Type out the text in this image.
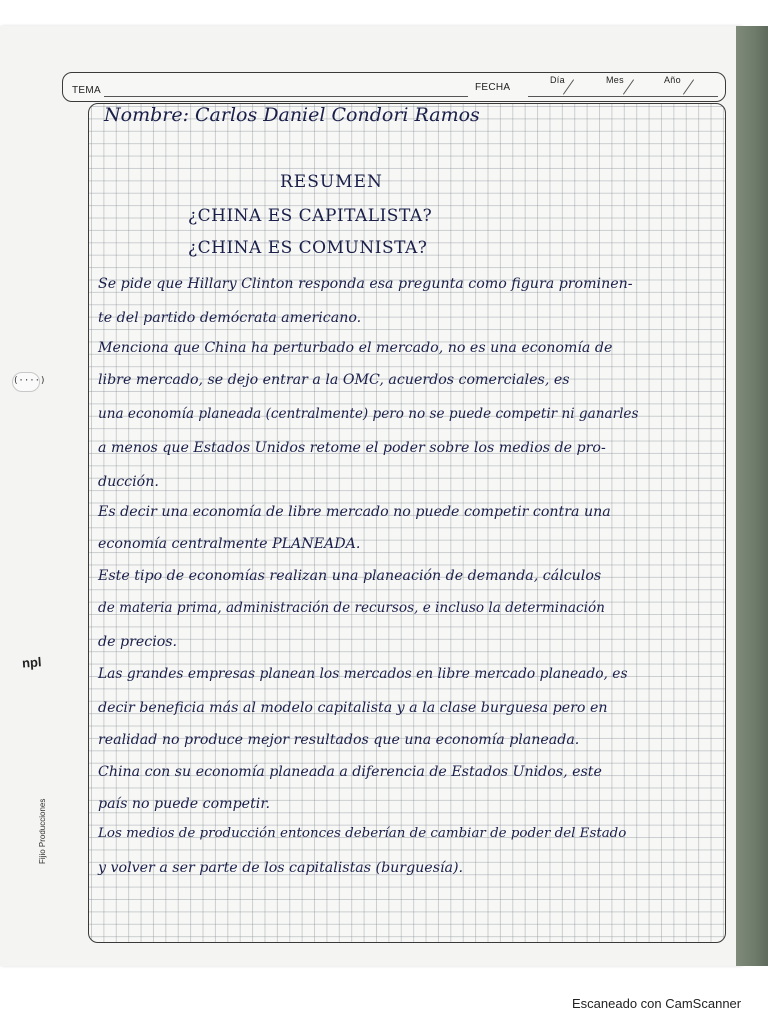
(····)
npl
Fijio Producciones
TEMA	FECHA
Día	Mes	Año
Nombre: Carlos Daniel Condori Ramos
RESUMEN
¿CHINA ES CAPITALISTA?
¿CHINA ES COMUNISTA?
Se pide que Hillary Clinton responda esa pregunta como figura prominen-
te del partido demócrata americano.
Menciona que China ha perturbado el mercado, no es una economía de
libre mercado, se dejo entrar a la OMC, acuerdos comerciales, es
una economía planeada (centralmente) pero no se puede competir ni ganarles
a menos que Estados Unidos retome el poder sobre los medios de pro-
ducción.
Es decir una economía de libre mercado no puede competir contra una
economía centralmente PLANEADA.
Este tipo de economías realizan una planeación de demanda, cálculos
de materia prima, administración de recursos, e incluso la determinación
de precios.
Las grandes empresas planean los mercados en libre mercado planeado, es
decir beneficia más al modelo capitalista y a la clase burguesa pero en
realidad no produce mejor resultados que una economía planeada.
China con su economía planeada a diferencia de Estados Unidos, este
país no puede competir.
Los medios de producción entonces deberían de cambiar de poder del Estado
y volver a ser parte de los capitalistas (burguesía).
Escaneado con CamScanner
